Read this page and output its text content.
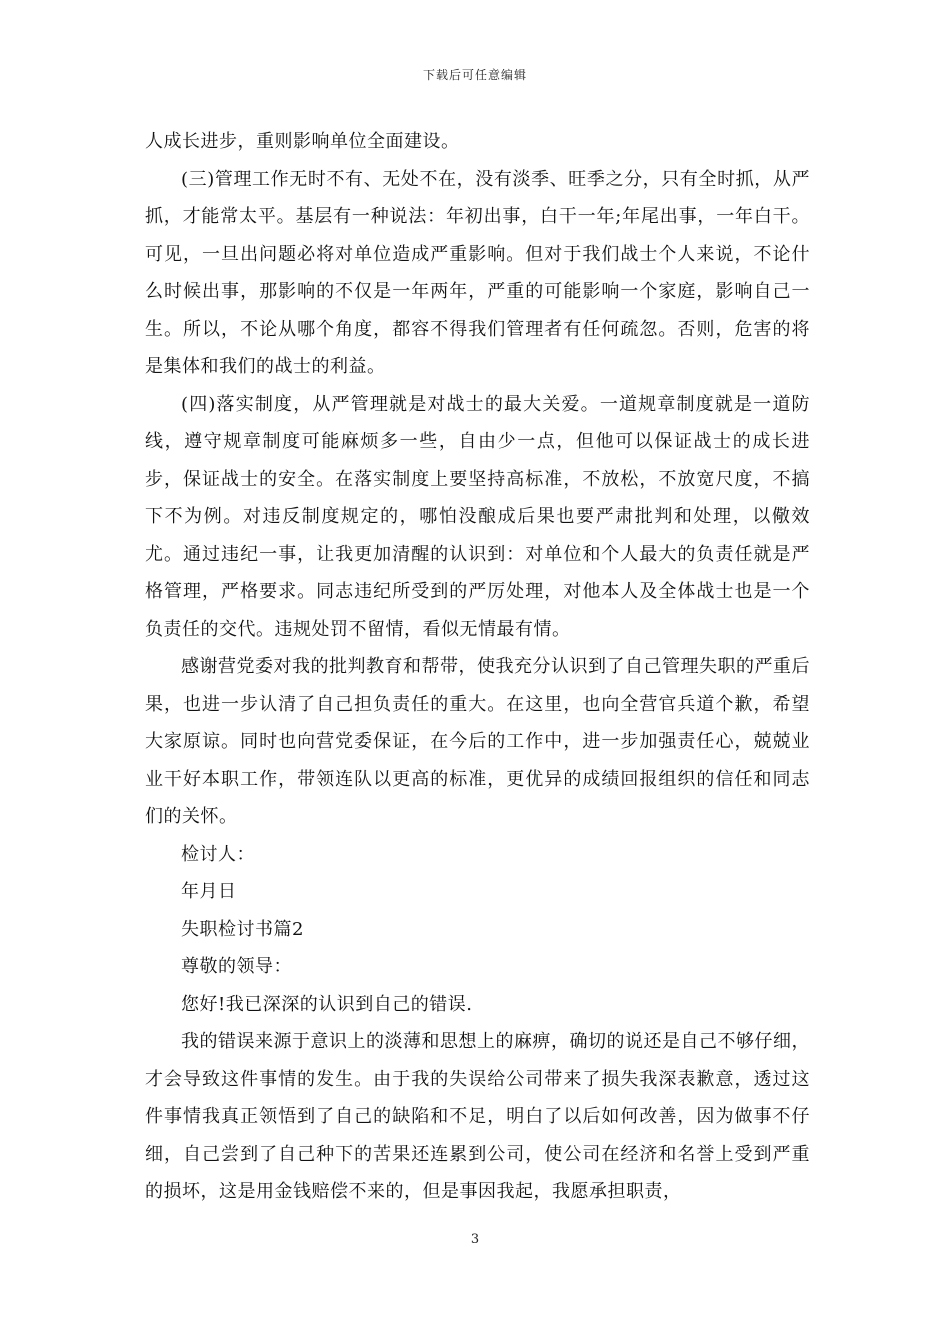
下载后可任意编辑

人成长进步，重则影响单位全面建设。

(三)管理工作无时不有、无处不在，没有淡季、旺季之分，只有全时抓，从严抓，才能常太平。基层有一种说法：年初出事，白干一年;年尾出事，一年白干。可见，一旦出问题必将对单位造成严重影响。但对于我们战士个人来说，不论什么时候出事，那影响的不仅是一年两年，严重的可能影响一个家庭，影响自己一生。所以，不论从哪个角度，都容不得我们管理者有任何疏忽。否则，危害的将是集体和我们的战士的利益。

(四)落实制度，从严管理就是对战士的最大关爱。一道规章制度就是一道防线，遵守规章制度可能麻烦多一些，自由少一点，但他可以保证战士的成长进步，保证战士的安全。在落实制度上要坚持高标准，不放松，不放宽尺度，不搞下不为例。对违反制度规定的，哪怕没酿成后果也要严肃批判和处理，以儆效尤。通过违纪一事，让我更加清醒的认识到：对单位和个人最大的负责任就是严格管理，严格要求。同志违纪所受到的严厉处理，对他本人及全体战士也是一个负责任的交代。违规处罚不留情，看似无情最有情。

感谢营党委对我的批判教育和帮带，使我充分认识到了自己管理失职的严重后果，也进一步认清了自己担负责任的重大。在这里，也向全营官兵道个歉，希望大家原谅。同时也向营党委保证，在今后的工作中，进一步加强责任心，兢兢业业干好本职工作，带领连队以更高的标准，更优异的成绩回报组织的信任和同志们的关怀。

检讨人：

年月日

失职检讨书篇2

尊敬的领导：

您好!我已深深的认识到自己的错误.

我的错误来源于意识上的淡薄和思想上的麻痹，确切的说还是自己不够仔细，才会导致这件事情的发生。由于我的失误给公司带来了损失我深表歉意，透过这件事情我真正领悟到了自己的缺陷和不足，明白了以后如何改善，因为做事不仔细，自己尝到了自己种下的苦果还连累到公司，使公司在经济和名誉上受到严重的损坏，这是用金钱赔偿不来的，但是事因我起，我愿承担职责，

3
